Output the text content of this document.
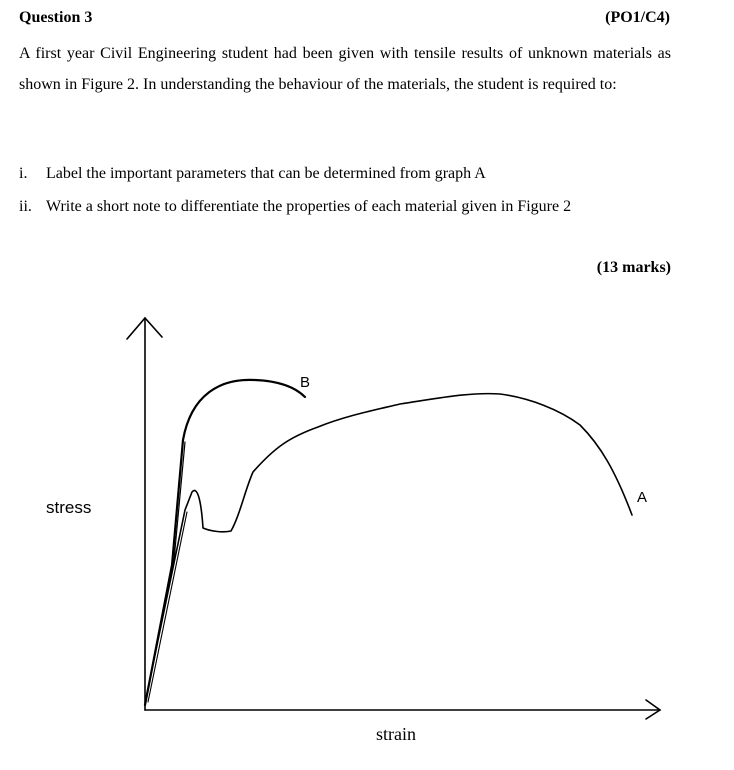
Question 3	(PO1/C4)

A first year Civil Engineering student had been given with tensile results of unknown materials as shown in Figure 2. In understanding the behaviour of the materials, the student is required to:

i. Label the important parameters that can be determined from graph A
ii. Write a short note to differentiate the properties of each material given in Figure 2
(13 marks)
B
A
stress
strain
